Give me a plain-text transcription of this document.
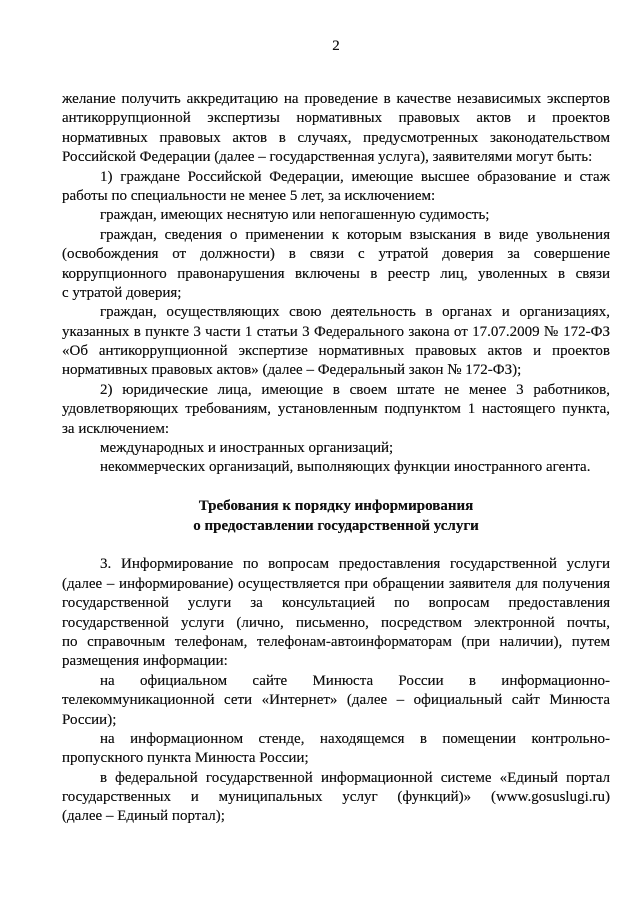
2
желание получить аккредитацию на проведение в качестве независимых экспертов
антикоррупционной экспертизы нормативных правовых актов и проектов
нормативных правовых актов в случаях, предусмотренных законодательством
Российской Федерации (далее – государственная услуга), заявителями могут быть:
1) граждане Российской Федерации, имеющие высшее образование и стаж
работы по специальности не менее 5 лет, за исключением:
граждан, имеющих неснятую или непогашенную судимость;
граждан, сведения о применении к которым взыскания в виде увольнения
(освобождения от должности) в связи с утратой доверия за совершение
коррупционного правонарушения включены в реестр лиц, уволенных в связи
с утратой доверия;
граждан, осуществляющих свою деятельность в органах и организациях,
указанных в пункте 3 части 1 статьи 3 Федерального закона от 17.07.2009 № 172-ФЗ
«Об антикоррупционной экспертизе нормативных правовых актов и проектов
нормативных правовых актов» (далее – Федеральный закон № 172-ФЗ);
2) юридические лица, имеющие в своем штате не менее 3 работников,
удовлетворяющих требованиям, установленным подпунктом 1 настоящего пункта,
за исключением:
международных и иностранных организаций;
некоммерческих организаций, выполняющих функции иностранного агента.
Требования к порядку информирования
о предоставлении государственной услуги
3. Информирование по вопросам предоставления государственной услуги
(далее – информирование) осуществляется при обращении заявителя для получения
государственной услуги за консультацией по вопросам предоставления
государственной услуги (лично, письменно, посредством электронной почты,
по справочным телефонам, телефонам-автоинформаторам (при наличии), путем
размещения информации:
на официальном сайте Минюста России в информационно-
телекоммуникационной сети «Интернет» (далее – официальный сайт Минюста
России);
на информационном стенде, находящемся в помещении контрольно-
пропускного пункта Минюста России;
в федеральной государственной информационной системе «Единый портал
государственных и муниципальных услуг (функций)» (www.gosuslugi.ru)
(далее – Единый портал);
